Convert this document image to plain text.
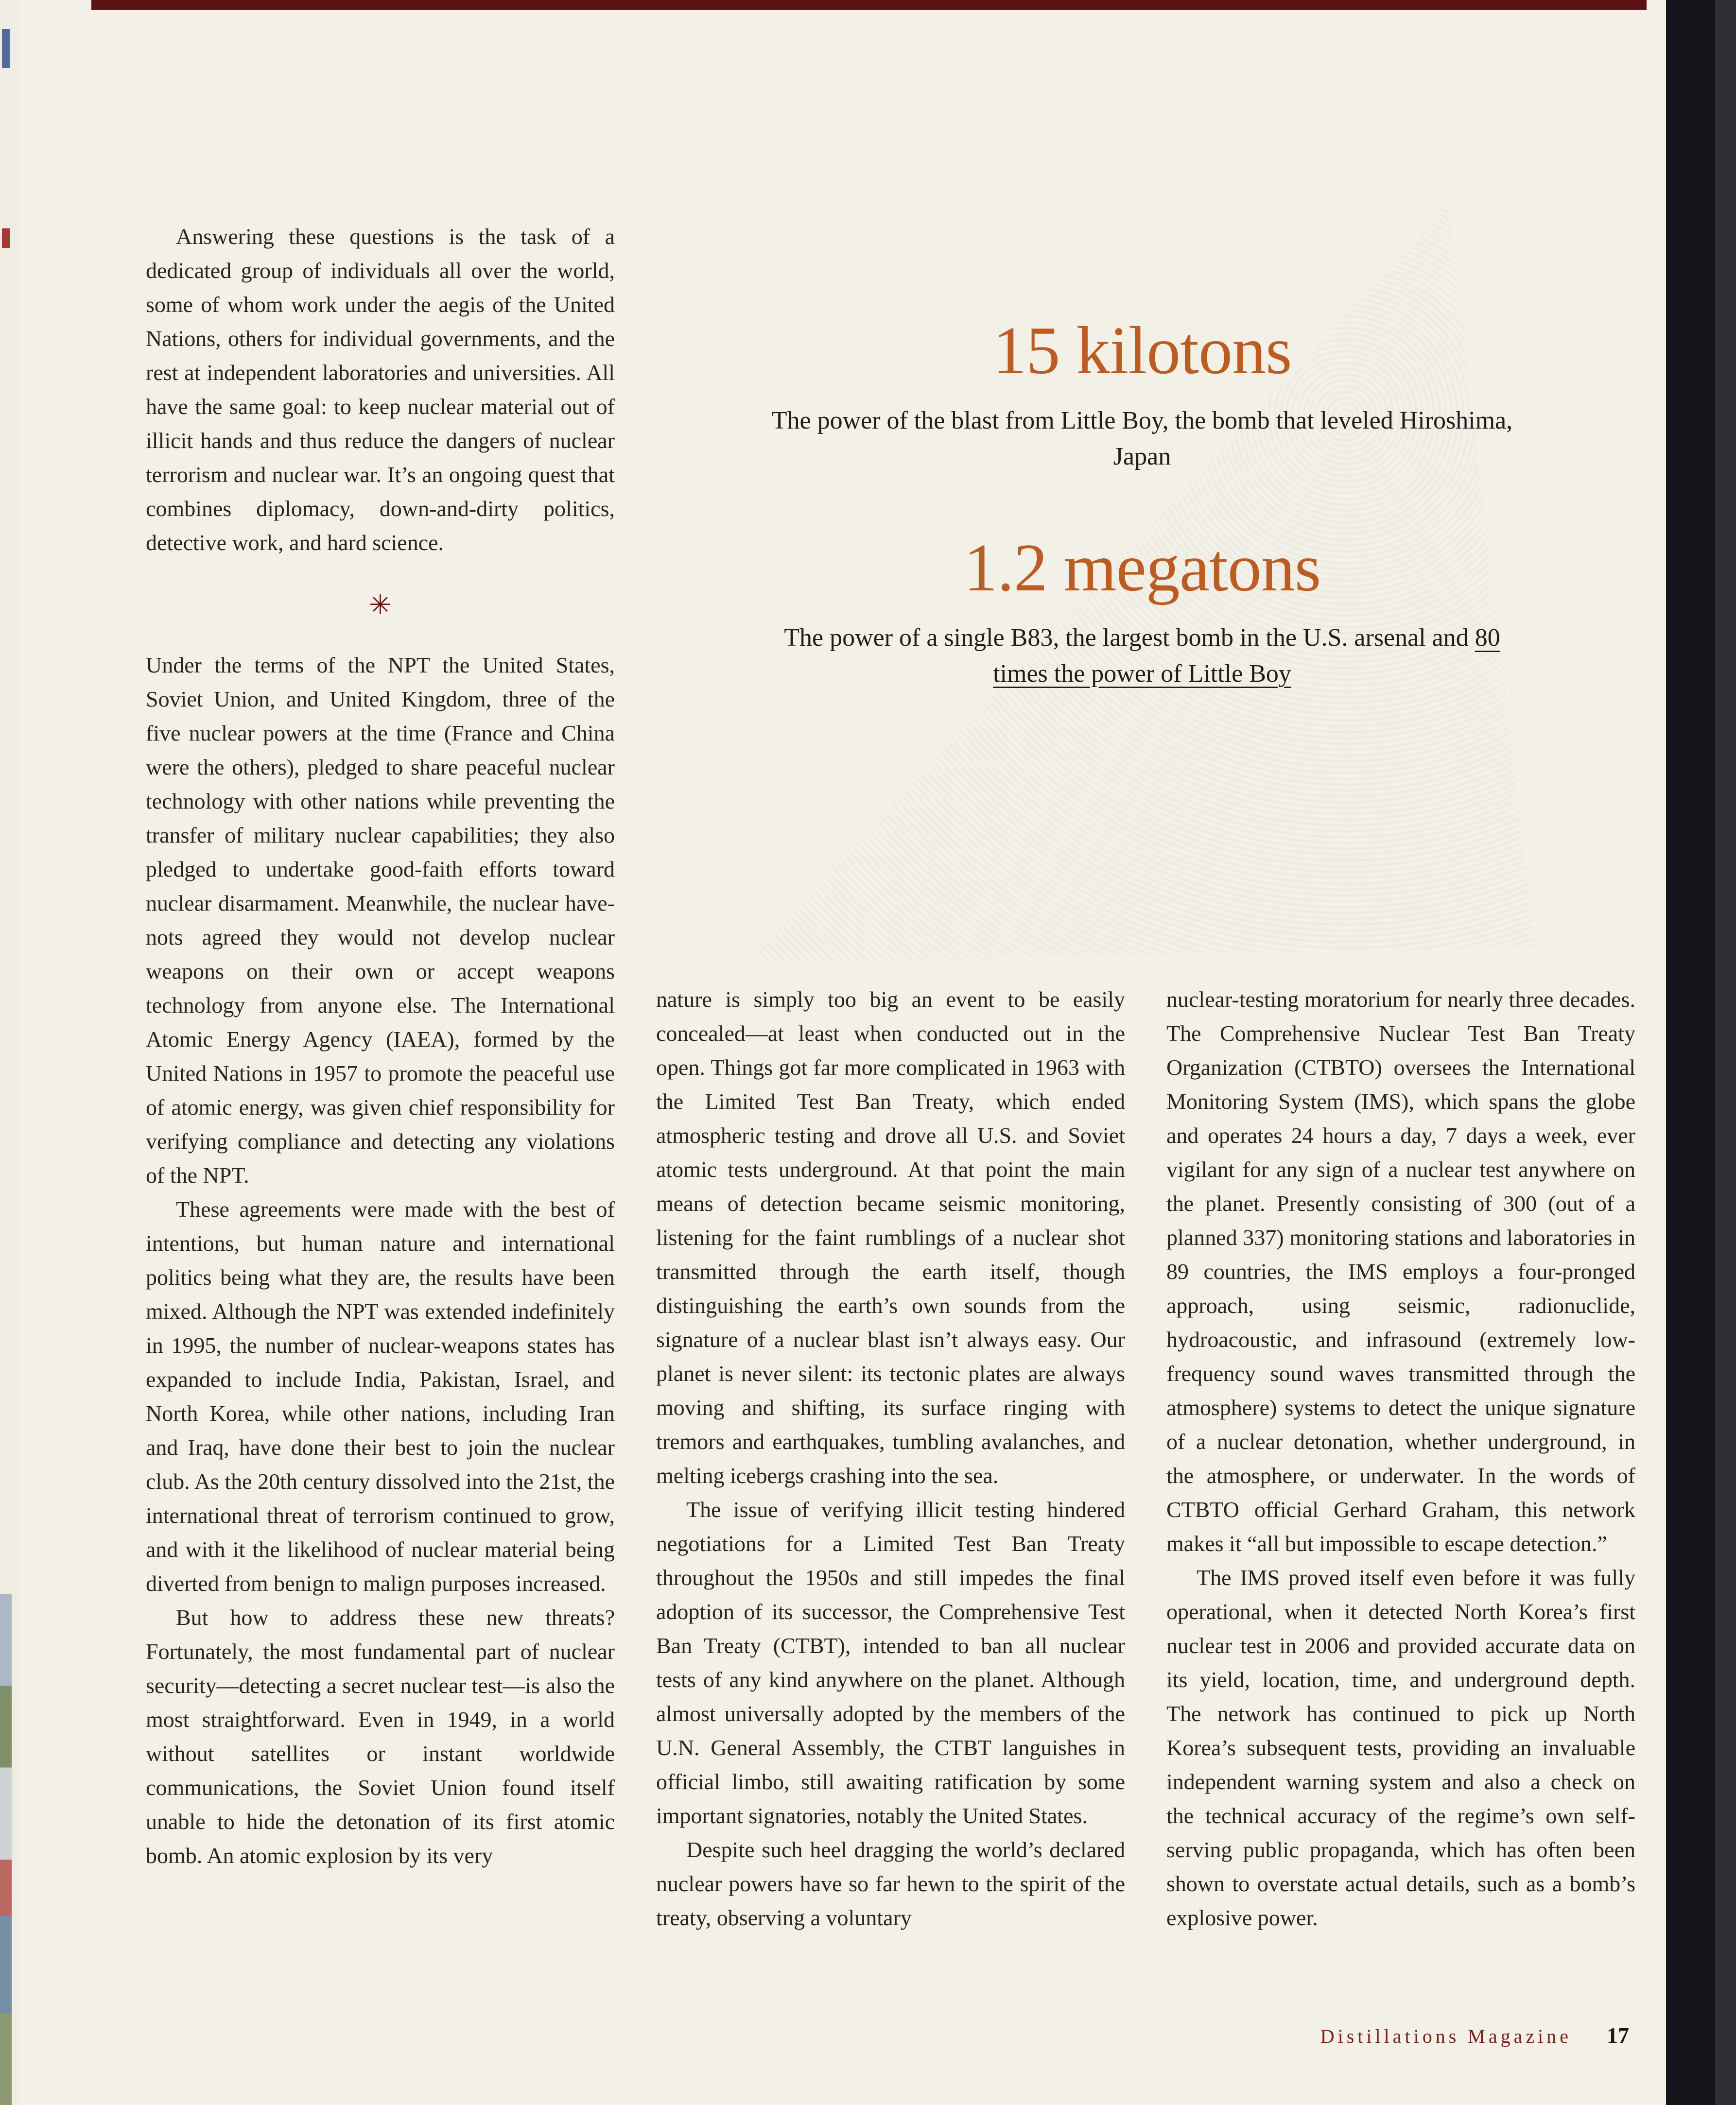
15 kilotons
The power of the blast from Little Boy, the bomb that leveled Hiroshima, Japan
1.2 megatons
The power of a single B83, the largest bomb in the U.S. arsenal and 80 times the power of Little Boy

Answering these questions is the task of a dedicated group of individuals all over the world, some of whom work under the aegis of the United Nations, others for individual governments, and the rest at independent laboratories and universities. All have the same goal: to keep nuclear material out of illicit hands and thus reduce the dangers of nuclear terrorism and nuclear war. It’s an ongoing quest that combines diplomacy, down-and-dirty politics, detective work, and hard science.

✳

Under the terms of the NPT the United States, Soviet Union, and United Kingdom, three of the five nuclear powers at the time (France and China were the others), pledged to share peaceful nuclear technology with other nations while preventing the transfer of military nuclear capabilities; they also pledged to undertake good-faith efforts toward nuclear disarmament. Meanwhile, the nuclear have-nots agreed they would not develop nuclear weapons on their own or accept weapons technology from anyone else. The International Atomic Energy Agency (IAEA), formed by the United Nations in 1957 to promote the peaceful use of atomic energy, was given chief responsibility for verifying compliance and detecting any violations of the NPT.

These agreements were made with the best of intentions, but human nature and international politics being what they are, the results have been mixed. Although the NPT was extended indefinitely in 1995, the number of nuclear-weapons states has expanded to include India, Pakistan, Israel, and North Korea, while other nations, including Iran and Iraq, have done their best to join the nuclear club. As the 20th century dissolved into the 21st, the international threat of terrorism continued to grow, and with it the likelihood of nuclear material being diverted from benign to malign purposes increased.

But how to address these new threats? Fortunately, the most fundamental part of nuclear security—detecting a secret nuclear test—is also the most straightforward. Even in 1949, in a world without satellites or instant worldwide communications, the Soviet Union found itself unable to hide the detonation of its first atomic bomb. An atomic explosion by its very

nature is simply too big an event to be easily concealed—at least when conducted out in the open. Things got far more complicated in 1963 with the Limited Test Ban Treaty, which ended atmospheric testing and drove all U.S. and Soviet atomic tests underground. At that point the main means of detection became seismic monitoring, listening for the faint rumblings of a nuclear shot transmitted through the earth itself, though distinguishing the earth’s own sounds from the signature of a nuclear blast isn’t always easy. Our planet is never silent: its tectonic plates are always moving and shifting, its surface ringing with tremors and earthquakes, tumbling avalanches, and melting icebergs crashing into the sea.

The issue of verifying illicit testing hindered negotiations for a Limited Test Ban Treaty throughout the 1950s and still impedes the final adoption of its successor, the Comprehensive Test Ban Treaty (CTBT), intended to ban all nuclear tests of any kind anywhere on the planet. Although almost universally adopted by the members of the U.N. General Assembly, the CTBT languishes in official limbo, still awaiting ratification by some important signatories, notably the United States.

Despite such heel dragging the world’s declared nuclear powers have so far hewn to the spirit of the treaty, observing a voluntary

nuclear-testing moratorium for nearly three decades. The Comprehensive Nuclear Test Ban Treaty Organization (CTBTO) oversees the International Monitoring System (IMS), which spans the globe and operates 24 hours a day, 7 days a week, ever vigilant for any sign of a nuclear test anywhere on the planet. Presently consisting of 300 (out of a planned 337) monitoring stations and laboratories in 89 countries, the IMS employs a four-pronged approach, using seismic, radionuclide, hydroacoustic, and infrasound (extremely low-frequency sound waves transmitted through the atmosphere) systems to detect the unique signature of a nuclear detonation, whether underground, in the atmosphere, or underwater. In the words of CTBTO official Gerhard Graham, this network makes it “all but impossible to escape detection.”

The IMS proved itself even before it was fully operational, when it detected North Korea’s first nuclear test in 2006 and provided accurate data on its yield, location, time, and underground depth. The network has continued to pick up North Korea’s subsequent tests, providing an invaluable independent warning system and also a check on the technical accuracy of the regime’s own self-serving public propaganda, which has often been shown to overstate actual details, such as a bomb’s explosive power.

Distillations Magazine 17
